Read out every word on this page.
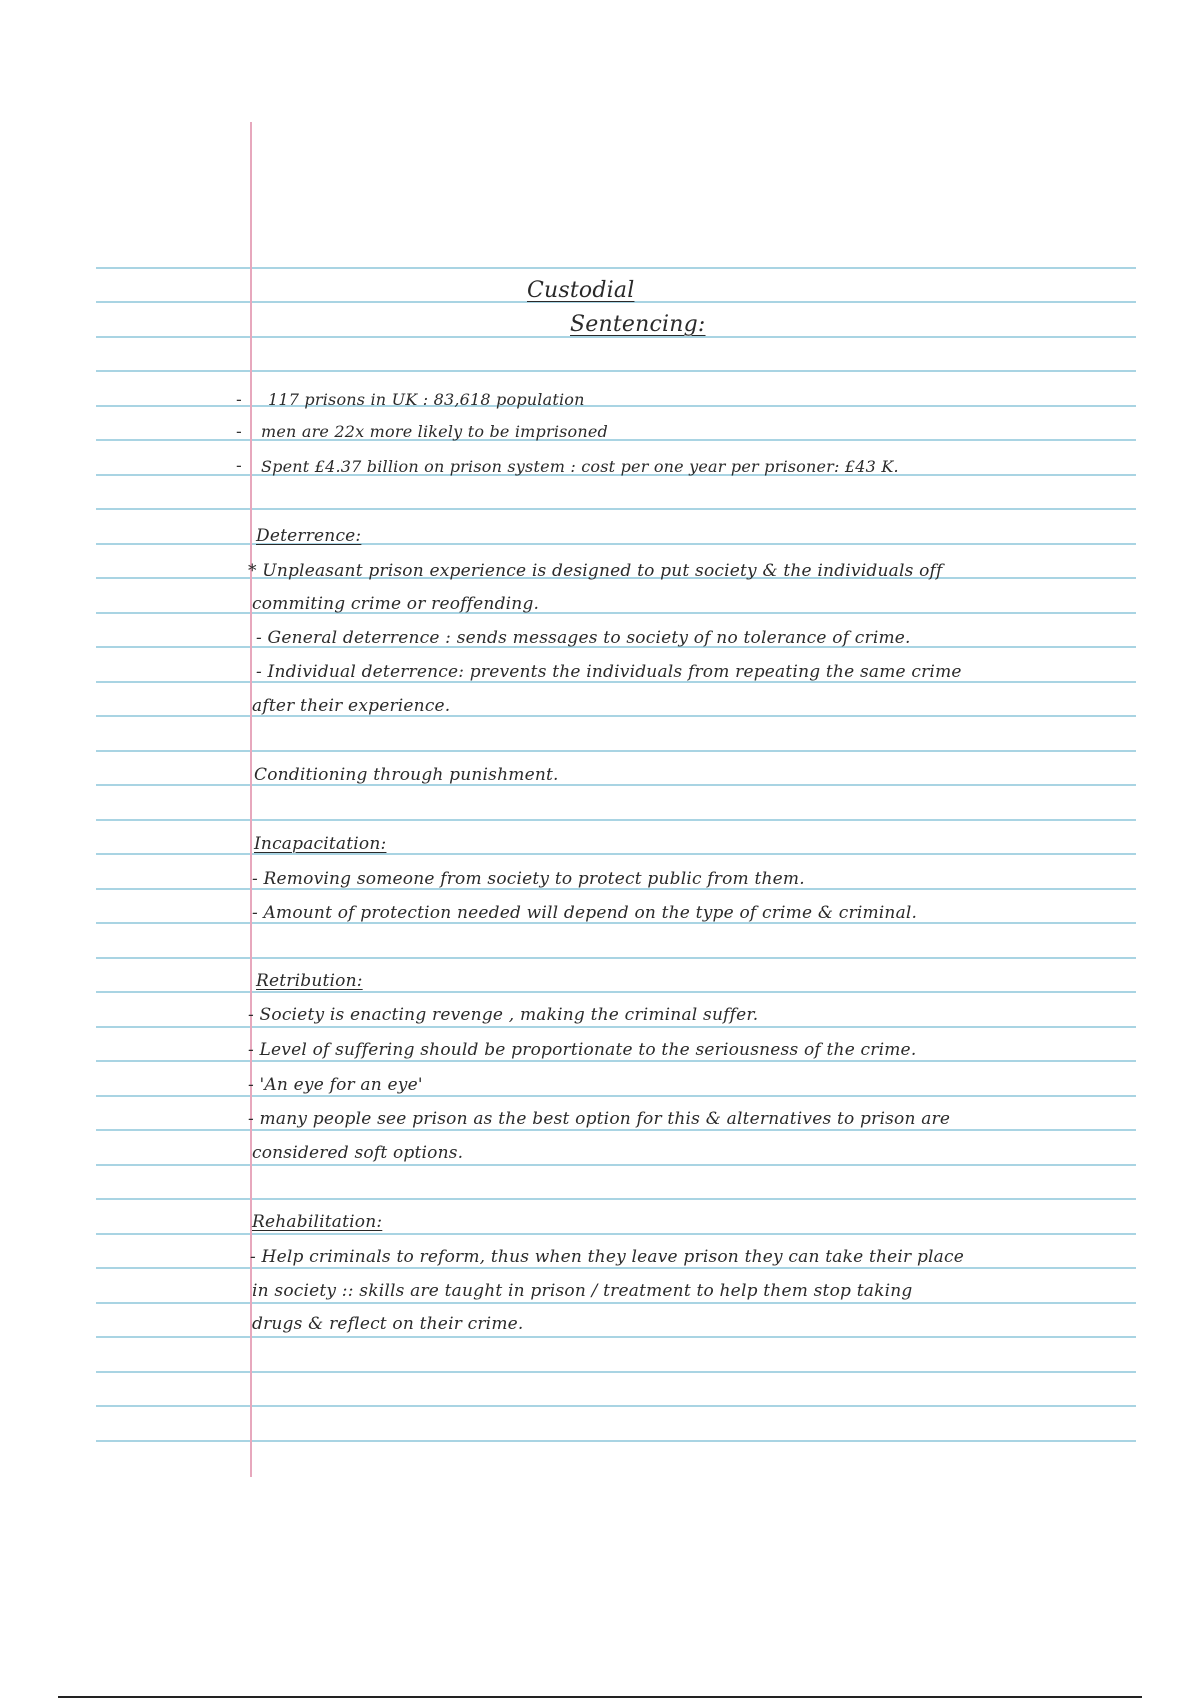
Custodial
Sentencing:
-
-
-
117 prisons in UK : 83,618 population
men are 22x more likely to be imprisoned
Spent £4.37 billion on prison system : cost per one year per prisoner: £43 K.
Deterrence:
* Unpleasant prison experience is designed to put society & the individuals off
commiting crime or reoffending.
- General deterrence : sends messages to society of no tolerance of crime.
- Individual deterrence: prevents the individuals from repeating the same crime
after their experience.
Conditioning through punishment.
Incapacitation:
- Removing someone from society to protect public from them.
- Amount of protection needed will depend on the type of crime & criminal.
Retribution:
- Society is enacting revenge , making the criminal suffer.
- Level of suffering should be proportionate to the seriousness of the crime.
- 'An eye for an eye'
- many people see prison as the best option for this & alternatives to prison are
considered soft options.
Rehabilitation:
- Help criminals to reform, thus when they leave prison they can take their place
in society :: skills are taught in prison / treatment to help them stop taking
drugs & reflect on their crime.
